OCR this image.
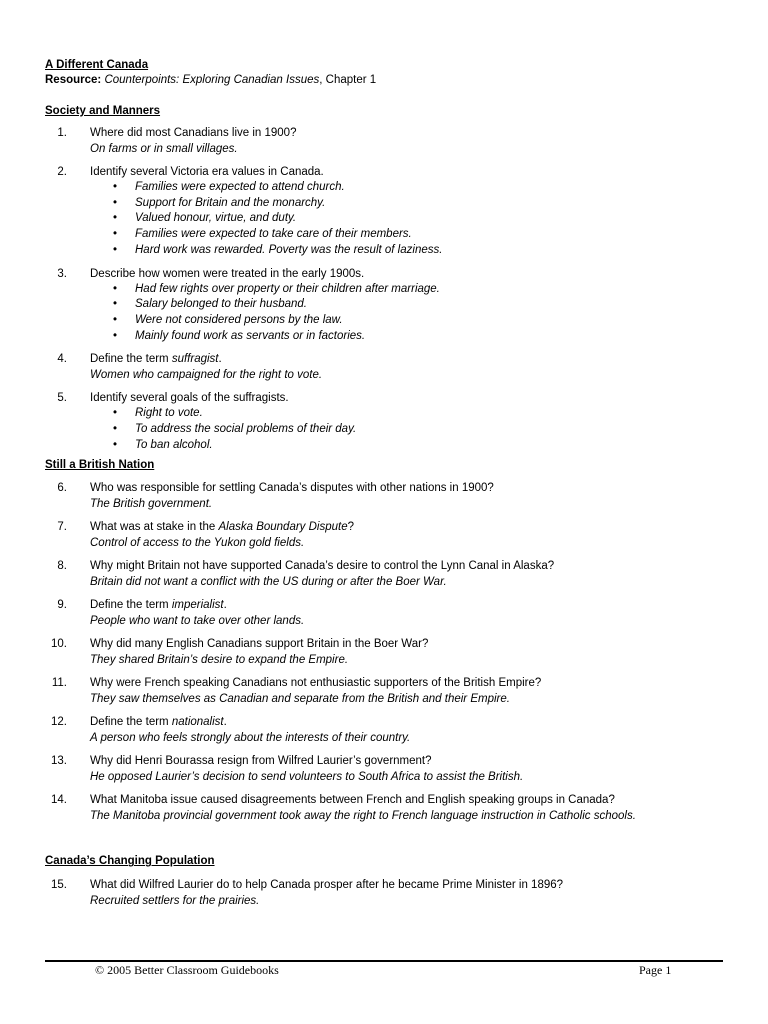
A Different Canada
Resource: Counterpoints: Exploring Canadian Issues, Chapter 1
Society and Manners
1. Where did most Canadians live in 1900?
On farms or in small villages.
2. Identify several Victoria era values in Canada.
• Families were expected to attend church.
• Support for Britain and the monarchy.
• Valued honour, virtue, and duty.
• Families were expected to take care of their members.
• Hard work was rewarded. Poverty was the result of laziness.
3. Describe how women were treated in the early 1900s.
• Had few rights over property or their children after marriage.
• Salary belonged to their husband.
• Were not considered persons by the law.
• Mainly found work as servants or in factories.
4. Define the term suffragist.
Women who campaigned for the right to vote.
5. Identify several goals of the suffragists.
• Right to vote.
• To address the social problems of their day.
• To ban alcohol.
Still a British Nation
6. Who was responsible for settling Canada’s disputes with other nations in 1900?
The British government.
7. What was at stake in the Alaska Boundary Dispute?
Control of access to the Yukon gold fields.
8. Why might Britain not have supported Canada’s desire to control the Lynn Canal in Alaska?
Britain did not want a conflict with the US during or after the Boer War.
9. Define the term imperialist.
People who want to take over other lands.
10. Why did many English Canadians support Britain in the Boer War?
They shared Britain’s desire to expand the Empire.
11. Why were French speaking Canadians not enthusiastic supporters of the British Empire?
They saw themselves as Canadian and separate from the British and their Empire.
12. Define the term nationalist.
A person who feels strongly about the interests of their country.
13. Why did Henri Bourassa resign from Wilfred Laurier’s government?
He opposed Laurier’s decision to send volunteers to South Africa to assist the British.
14. What Manitoba issue caused disagreements between French and English speaking groups in Canada?
The Manitoba provincial government took away the right to French language instruction in Catholic schools.
Canada’s Changing Population
15. What did Wilfred Laurier do to help Canada prosper after he became Prime Minister in 1896?
Recruited settlers for the prairies.
© 2005 Better Classroom Guidebooks	Page 1
